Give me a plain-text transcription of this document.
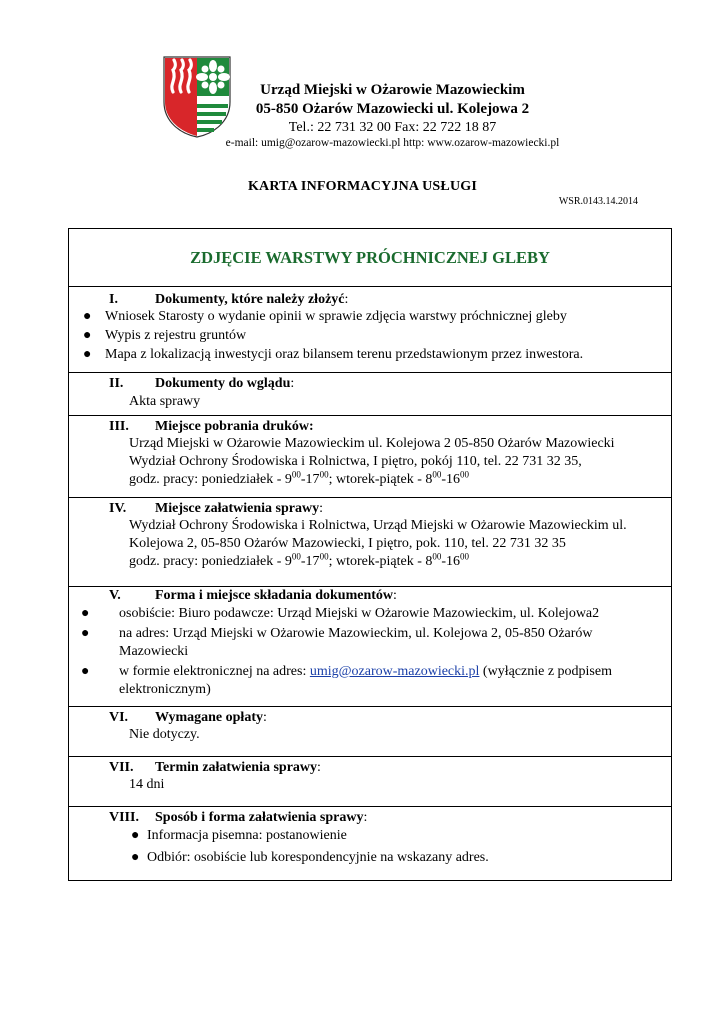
Urząd Miejski w Ożarowie Mazowieckim
05-850 Ożarów Mazowiecki ul. Kolejowa 2
Tel.: 22 731 32 00 Fax: 22 722 18 87
e-mail: umig@ozarow-mazowiecki.pl http: www.ozarow-mazowiecki.pl
KARTA INFORMACYJNA USŁUGI
WSR.0143.14.2014
ZDJĘCIE WARSTWY PRÓCHNICZNEJ GLEBY
I.	Dokumenty, które należy złożyć:
● Wniosek Starosty o wydanie opinii w sprawie zdjęcia warstwy próchnicznej gleby
● Wypis z rejestru gruntów
● Mapa z lokalizacją inwestycji oraz bilansem terenu przedstawionym przez inwestora.
II. Dokumenty do wglądu:
Akta sprawy
III. Miejsce pobrania druków:
Urząd Miejski w Ożarowie Mazowieckim ul. Kolejowa 2 05-850 Ożarów Mazowiecki
Wydział Ochrony Środowiska i Rolnictwa, I piętro, pokój 110, tel. 22 731 32 35,
godz. pracy: poniedziałek - $9^{00}-17^{00}$; wtorek-piątek - $8^{00}-16^{00}$
IV. Miejsce załatwienia sprawy:
Wydział Ochrony Środowiska i Rolnictwa, Urząd Miejski w Ożarowie Mazowieckim ul.
Kolejowa 2, 05-850 Ożarów Mazowiecki, I piętro, pok. 110, tel. 22 731 32 35
godz. pracy: poniedziałek - $9^{00}-17^{00}$; wtorek-piątek - $8^{00}-16^{00}$
V. Forma i miejsce składania dokumentów:
● osobiście: Biuro podawcze: Urząd Miejski w Ożarowie Mazowieckim, ul. Kolejowa2
● na adres: Urząd Miejski w Ożarowie Mazowieckim, ul. Kolejowa 2, 05-850 Ożarów
Mazowiecki
● w formie elektronicznej na adres: umig@ozarow-mazowiecki.pl (wyłącznie z podpisem
elektronicznym)
VI. Wymagane opłaty:
Nie dotyczy.
VII. Termin załatwienia sprawy:
14 dni
VIII. Sposób i forma załatwienia sprawy:
● Informacja pisemna: postanowienie
● Odbiór: osobiście lub korespondencyjnie na wskazany adres.
